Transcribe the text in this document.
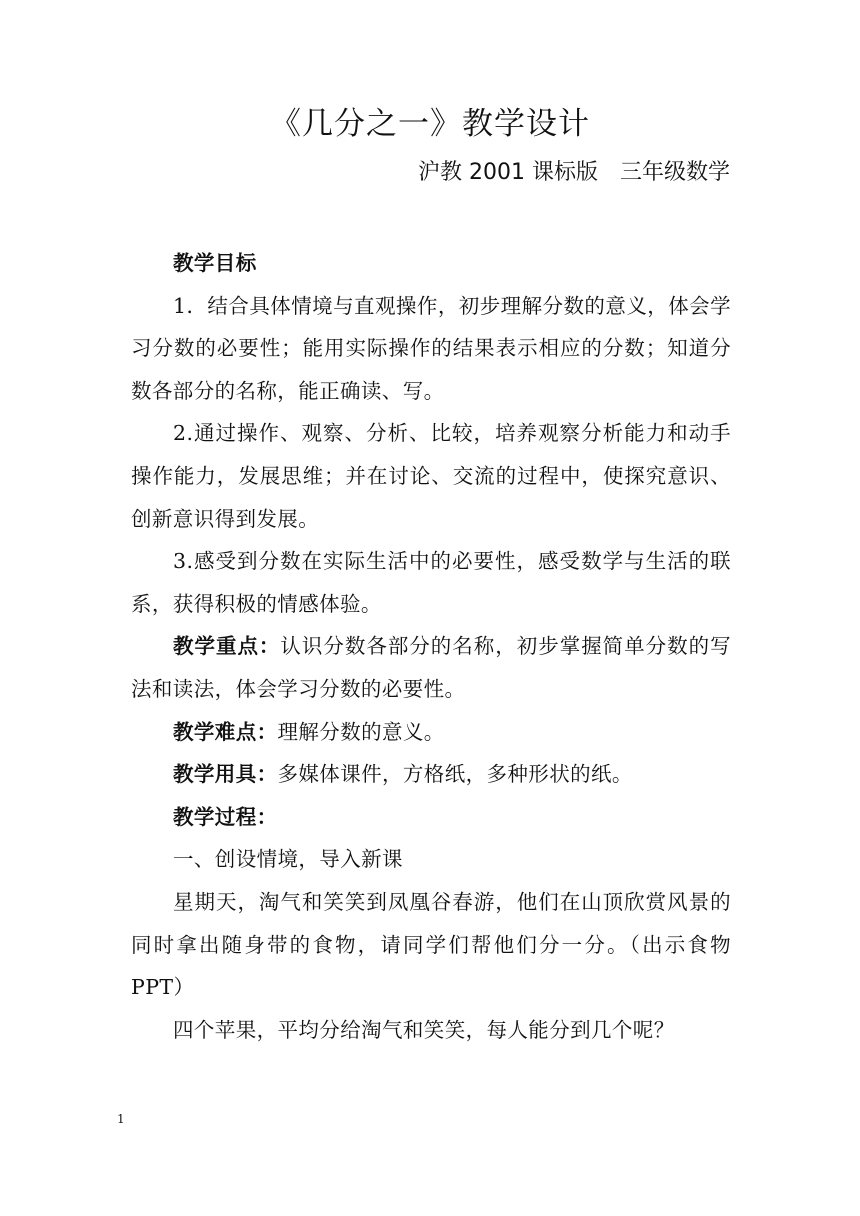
《几分之一》教学设计
沪教 2001 课标版　三年级数学

教学目标

1．结合具体情境与直观操作，初步理解分数的意义，体会学习分数的必要性；能用实际操作的结果表示相应的分数；知道分数各部分的名称，能正确读、写。

2.通过操作、观察、分析、比较，培养观察分析能力和动手操作能力，发展思维；并在讨论、交流的过程中，使探究意识、创新意识得到发展。

3.感受到分数在实际生活中的必要性，感受数学与生活的联系，获得积极的情感体验。

教学重点：认识分数各部分的名称，初步掌握简单分数的写法和读法，体会学习分数的必要性。

教学难点：理解分数的意义。

教学用具：多媒体课件，方格纸，多种形状的纸。

教学过程：

一、创设情境，导入新课

星期天，淘气和笑笑到凤凰谷春游，他们在山顶欣赏风景的同时拿出随身带的食物，请同学们帮他们分一分。（出示食物 PPT）

四个苹果，平均分给淘气和笑笑，每人能分到几个呢？

1
